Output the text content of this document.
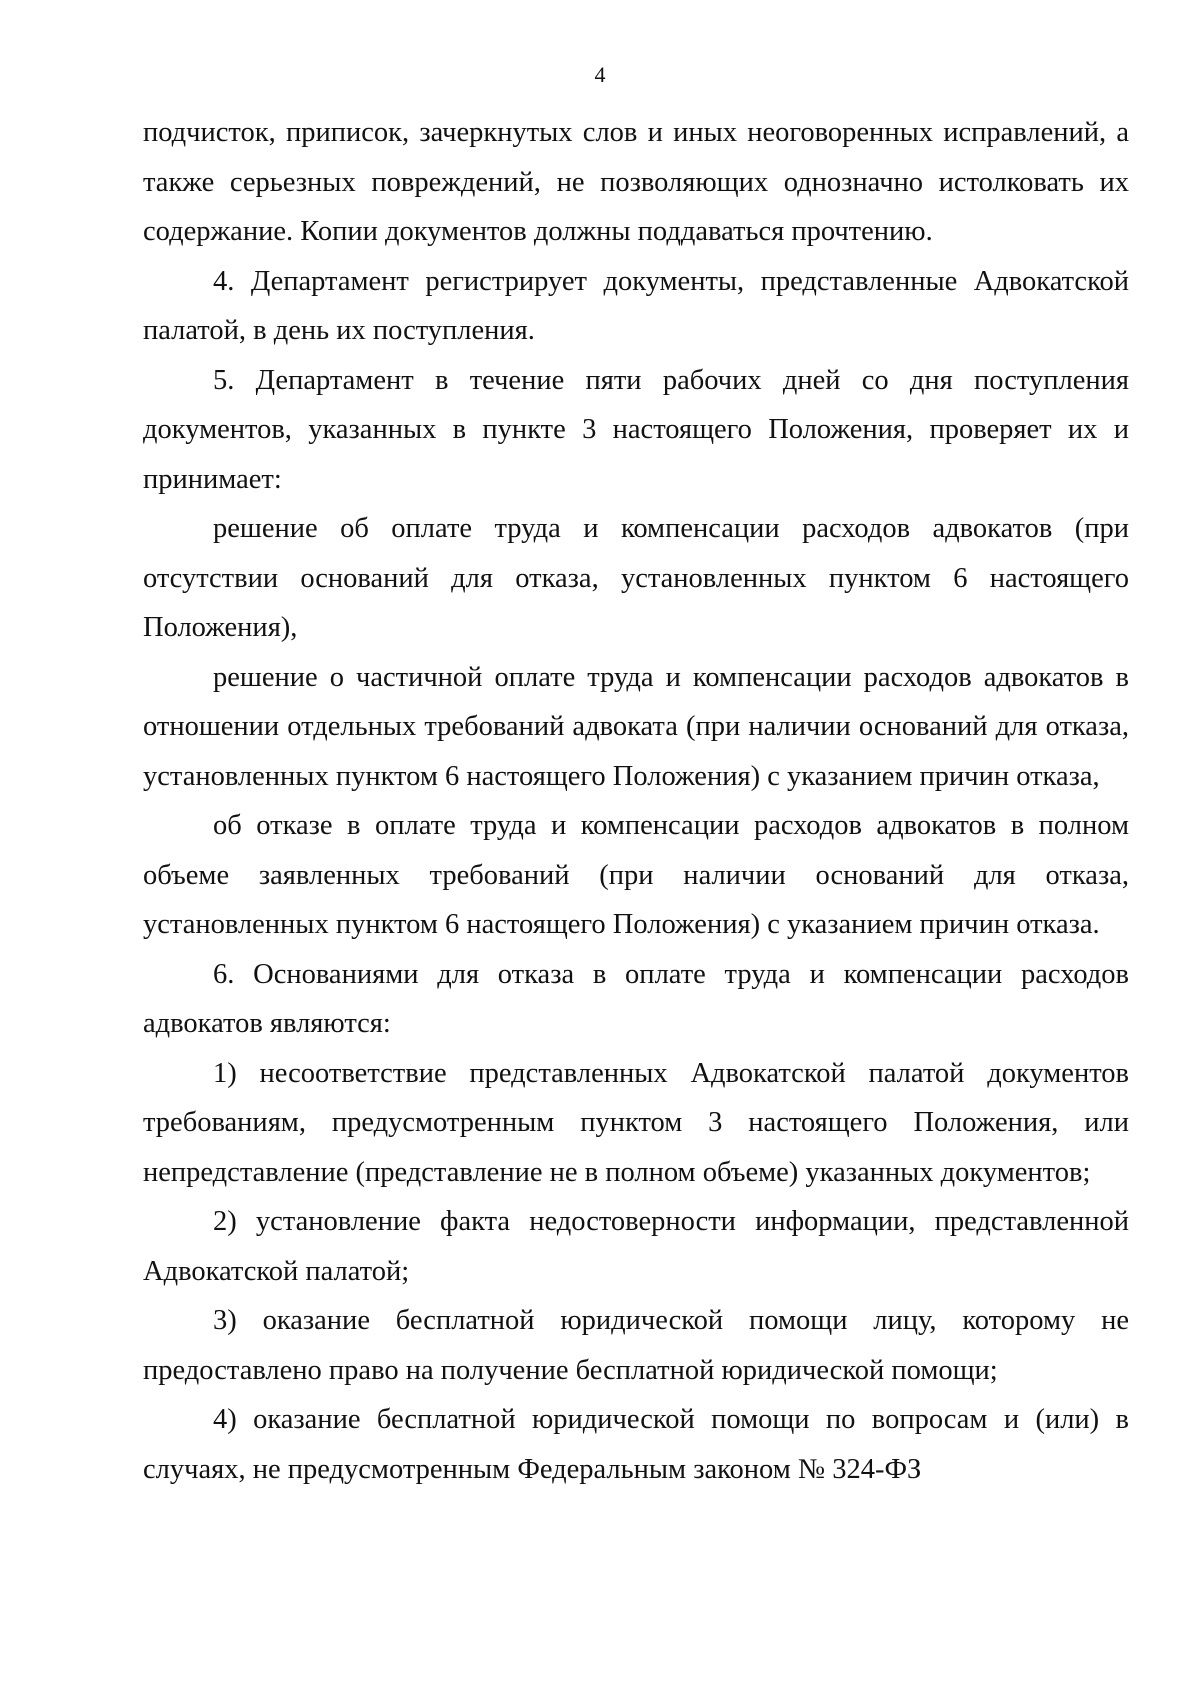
4

подчисток, приписок, зачеркнутых слов и иных неоговоренных исправлений, а также серьезных повреждений, не позволяющих однозначно истолковать их содержание. Копии документов должны поддаваться прочтению.

4. Департамент регистрирует документы, представленные Адвокатской палатой, в день их поступления.

5. Департамент в течение пяти рабочих дней со дня поступления документов, указанных в пункте 3 настоящего Положения, проверяет их и принимает:

решение об оплате труда и компенсации расходов адвокатов (при отсутствии оснований для отказа, установленных пунктом 6 настоящего Положения),

решение о частичной оплате труда и компенсации расходов адвокатов в отношении отдельных требований адвоката (при наличии оснований для отказа, установленных пунктом 6 настоящего Положения) с указанием причин отказа,

об отказе в оплате труда и компенсации расходов адвокатов в полном объеме заявленных требований (при наличии оснований для отказа, установленных пунктом 6 настоящего Положения) с указанием причин отказа.

6. Основаниями для отказа в оплате труда и компенсации расходов адвокатов являются:

1) несоответствие представленных Адвокатской палатой документов требованиям, предусмотренным пунктом 3 настоящего Положения, или непредставление (представление не в полном объеме) указанных документов;

2) установление факта недостоверности информации, представленной Адвокатской палатой;

3) оказание бесплатной юридической помощи лицу, которому не предоставлено право на получение бесплатной юридической помощи;

4) оказание бесплатной юридической помощи по вопросам и (или) в случаях, не предусмотренным Федеральным законом № 324-ФЗ
